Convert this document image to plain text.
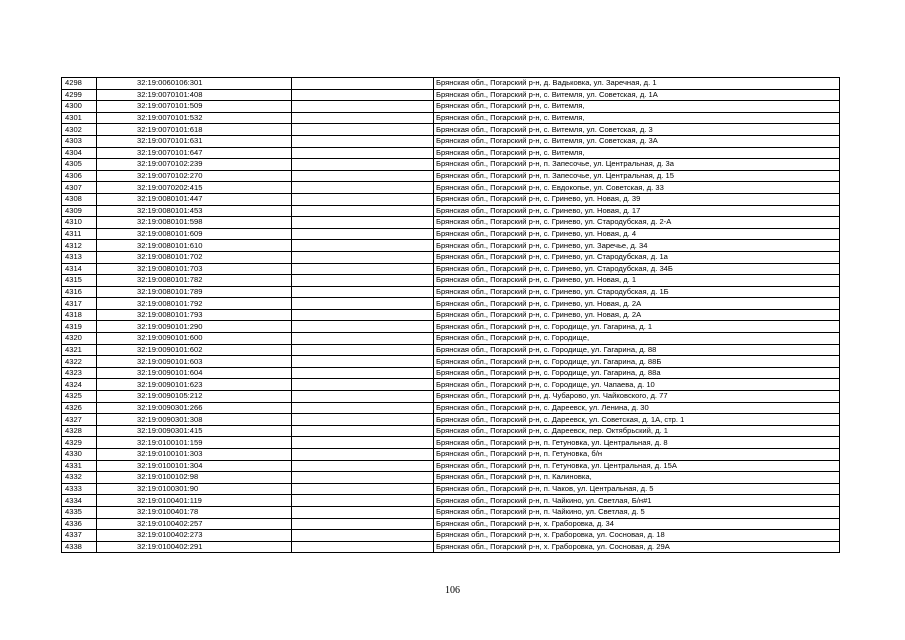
4298	32:19:0060106:301		Брянская обл., Погарский р-н, д. Вадьковка, ул. Заречная, д. 1
4299	32:19:0070101:408		Брянская обл., Погарский р-н, с. Витемля, ул. Советская, д. 1А
4300	32:19:0070101:509		Брянская обл., Погарский р-н, с. Витемля,
4301	32:19:0070101:532		Брянская обл., Погарский р-н, с. Витемля,
4302	32:19:0070101:618		Брянская обл., Погарский р-н, с. Витемля, ул. Советская, д. 3
4303	32:19:0070101:631		Брянская обл., Погарский р-н, с. Витемля, ул. Советская, д. 3А
4304	32:19:0070101:647		Брянская обл., Погарский р-н, с. Витемля,
4305	32:19:0070102:239		Брянская обл., Погарский р-н, п. Запесочье, ул. Центральная, д. 3а
4306	32:19:0070102:270		Брянская обл., Погарский р-н, п. Запесочье, ул. Центральная, д. 15
4307	32:19:0070202:415		Брянская обл., Погарский р-н, с. Евдокопье, ул. Советская, д. 33
4308	32:19:0080101:447		Брянская обл., Погарский р-н, с. Гринево, ул. Новая, д. 39
4309	32:19:0080101:453		Брянская обл., Погарский р-н, с. Гринево, ул. Новая, д. 17
4310	32:19:0080101:598		Брянская обл., Погарский р-н, с. Гринево, ул. Стародубская, д. 2-А
4311	32:19:0080101:609		Брянская обл., Погарский р-н, с. Гринево, ул. Новая, д. 4
4312	32:19:0080101:610		Брянская обл., Погарский р-н, с. Гринево, ул. Заречье, д. 34
4313	32:19:0080101:702		Брянская обл., Погарский р-н, с. Гринево, ул. Стародубская, д. 1а
4314	32:19:0080101:703		Брянская обл., Погарский р-н, с. Гринево, ул. Стародубская, д. 34Б
4315	32:19:0080101:782		Брянская обл., Погарский р-н, с. Гринево, ул. Новая, д. 1
4316	32:19:0080101:789		Брянская обл., Погарский р-н, с. Гринево, ул. Стародубская, д. 1Б
4317	32:19:0080101:792		Брянская обл., Погарский р-н, с. Гринево, ул. Новая, д. 2А
4318	32:19:0080101:793		Брянская обл., Погарский р-н, с. Гринево, ул. Новая, д. 2А
4319	32:19:0090101:290		Брянская обл., Погарский р-н, с. Городище, ул. Гагарина, д. 1
4320	32:19:0090101:600		Брянская обл., Погарский р-н, с. Городище,
4321	32:19:0090101:602		Брянская обл., Погарский р-н, с. Городище, ул. Гагарина, д. 88
4322	32:19:0090101:603		Брянская обл., Погарский р-н, с. Городище, ул. Гагарина, д. 88Б
4323	32:19:0090101:604		Брянская обл., Погарский р-н, с. Городище, ул. Гагарина, д. 88а
4324	32:19:0090101:623		Брянская обл., Погарский р-н, с. Городище, ул. Чапаева, д. 10
4325	32:19:0090105:212		Брянская обл., Погарский р-н, д. Чубарово, ул. Чайковского, д. 77
4326	32:19:0090301:266		Брянская обл., Погарский р-н, с. Дареевск, ул. Ленина, д. 30
4327	32:19:0090301:308		Брянская обл., Погарский р-н, с. Дареевск, ул. Советская, д. 1А, стр. 1
4328	32:19:0090301:415		Брянская обл., Погарский р-н, с. Дареевск, пер. Октябрьский, д. 1
4329	32:19:0100101:159		Брянская обл., Погарский р-н, п. Гетуновка, ул. Центральная, д. 8
4330	32:19:0100101:303		Брянская обл., Погарский р-н, п. Гетуновка, б/н
4331	32:19:0100101:304		Брянская обл., Погарский р-н, п. Гетуновка, ул. Центральная, д. 15А
4332	32:19:0100102:98		Брянская обл., Погарский р-н, п. Калиновка,
4333	32:19:0100301:90		Брянская обл., Погарский р-н, п. Чаков, ул. Центральная, д. 5
4334	32:19:0100401:119		Брянская обл., Погарский р-н, п. Чайкино, ул. Светлая, Б/н#1
4335	32:19:0100401:78		Брянская обл., Погарский р-н, п. Чайкино, ул. Светлая, д. 5
4336	32:19:0100402:257		Брянская обл., Погарский р-н, х. Граборовка, д. 34
4337	32:19:0100402:273		Брянская обл., Погарский р-н, х. Граборовка, ул. Сосновая, д. 18
4338	32:19:0100402:291		Брянская обл., Погарский р-н, х. Граборовка, ул. Сосновая, д. 29А
106
